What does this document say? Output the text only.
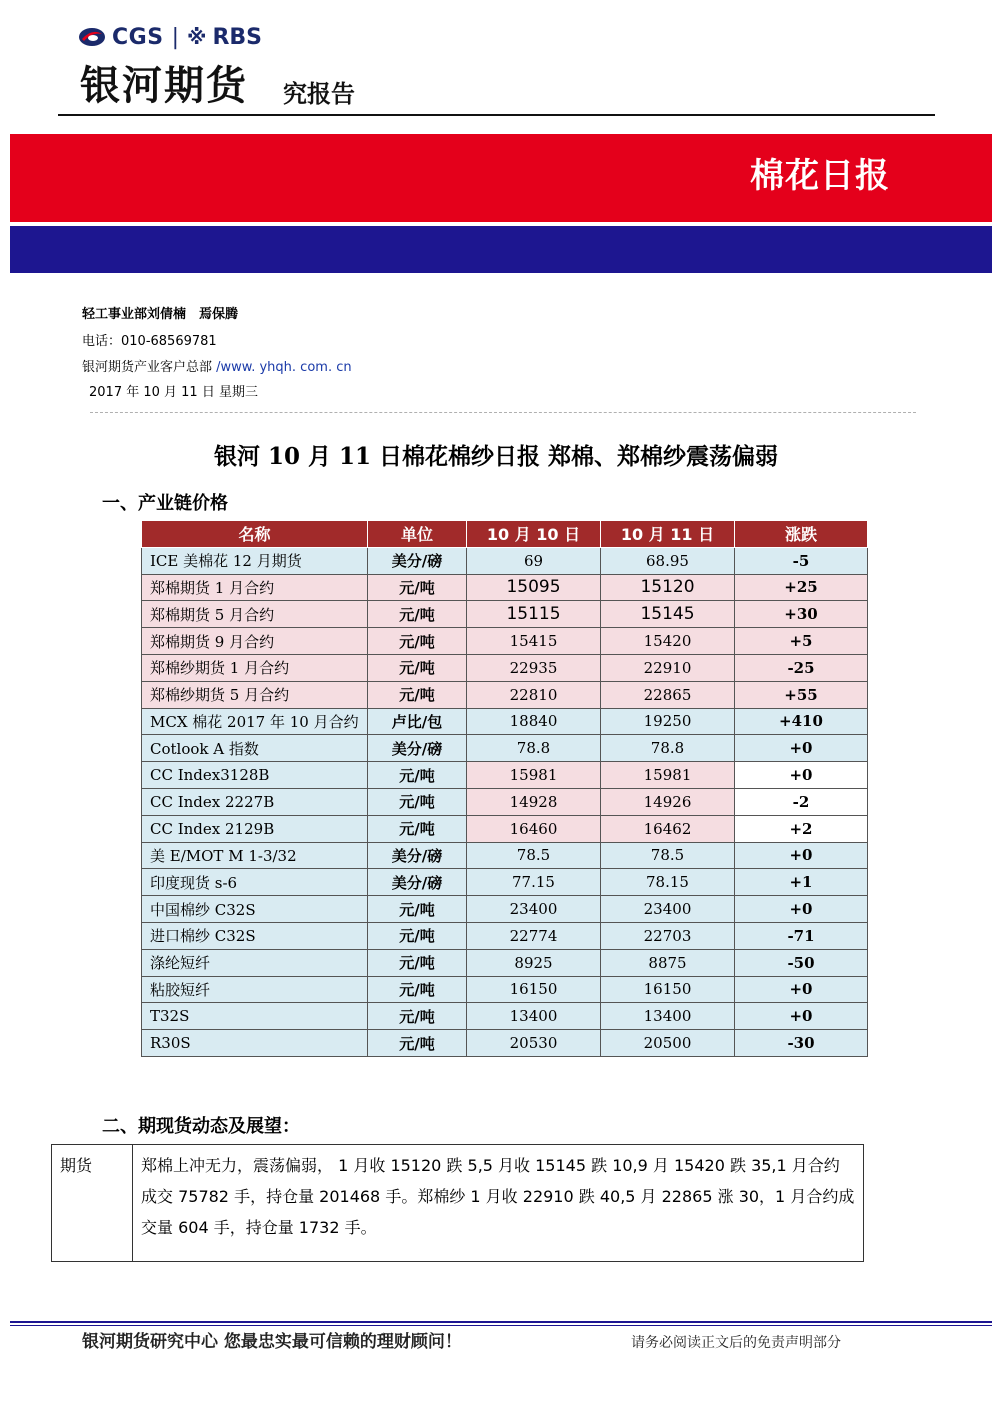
CGS | ※ RBS
银河期货 究报告
棉花日报
轻工事业部刘倩楠　焉保腾
电话：010-68569781
银河期货产业客户总部 /www. yhqh. com. cn
2017 年 10 月 11 日 星期三
银河 10 月 11 日棉花棉纱日报 郑棉、郑棉纱震荡偏弱
一、产业链价格
名称	单位	10 月 10 日	10 月 11 日	涨跌
ICE 美棉花 12 月期货	美分/磅	69	68.95	-5
郑棉期货 1 月合约	元/吨	15095	15120	+25
郑棉期货 5 月合约	元/吨	15115	15145	+30
郑棉期货 9 月合约	元/吨	15415	15420	+5
郑棉纱期货 1 月合约	元/吨	22935	22910	-25
郑棉纱期货 5 月合约	元/吨	22810	22865	+55
MCX 棉花 2017 年 10 月合约	卢比/包	18840	19250	+410
Cotlook A 指数	美分/磅	78.8	78.8	+0
CC Index3128B	元/吨	15981	15981	+0
CC Index 2227B	元/吨	14928	14926	-2
CC Index 2129B	元/吨	16460	16462	+2
美 E/MOT M 1-3/32	美分/磅	78.5	78.5	+0
印度现货 s-6	美分/磅	77.15	78.15	+1
中国棉纱 C32S	元/吨	23400	23400	+0
进口棉纱 C32S	元/吨	22774	22703	-71
涤纶短纤	元/吨	8925	8875	-50
粘胶短纤	元/吨	16150	16150	+0
T32S	元/吨	13400	13400	+0
R30S	元/吨	20530	20500	-30
二、期现货动态及展望：
期货	郑棉上冲无力，震荡偏弱， 1 月收 15120 跌 5,5 月收 15145 跌 10,9 月 15420 跌 35,1 月合约成交 75782 手，持仓量 201468 手。郑棉纱 1 月收 22910 跌 40,5 月 22865 涨 30，1 月合约成交量 604 手，持仓量 1732 手。
银河期货研究中心 您最忠实最可信赖的理财顾问！	请务必阅读正文后的免责声明部分
